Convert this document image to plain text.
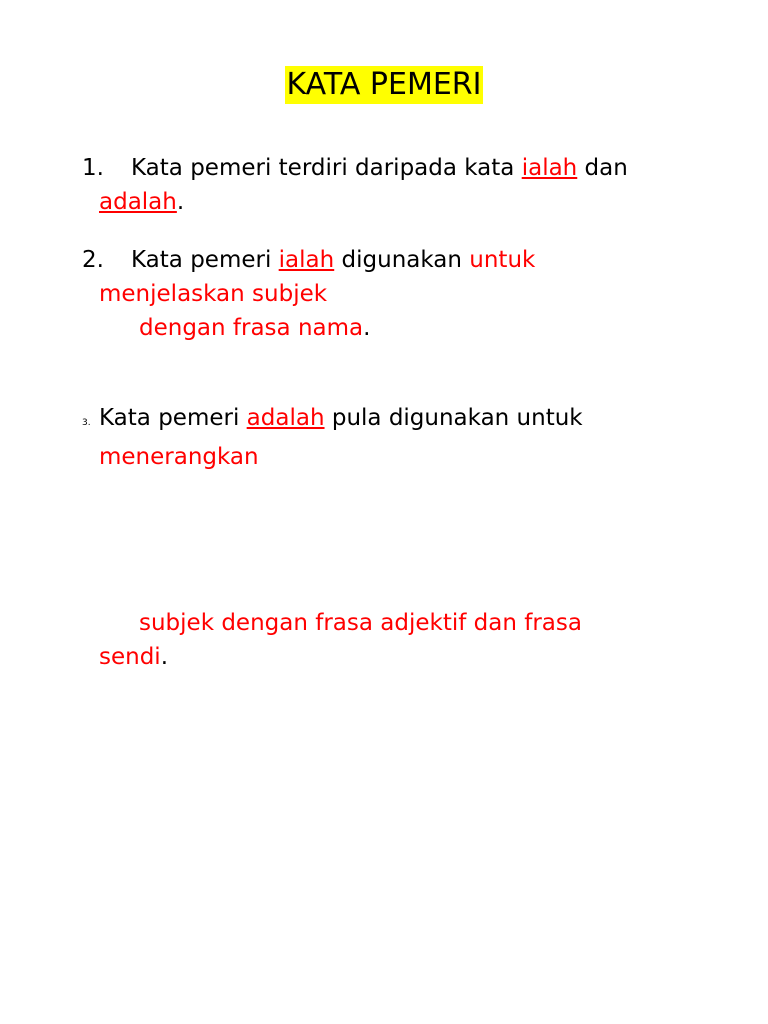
KATA PEMERI
1. Kata pemeri terdiri daripada kata ialah dan
adalah.
2. Kata pemeri ialah digunakan untuk
menjelaskan subjek
dengan frasa nama.
3. Kata pemeri adalah pula digunakan untuk
menerangkan
subjek dengan frasa adjektif dan frasa
sendi.
